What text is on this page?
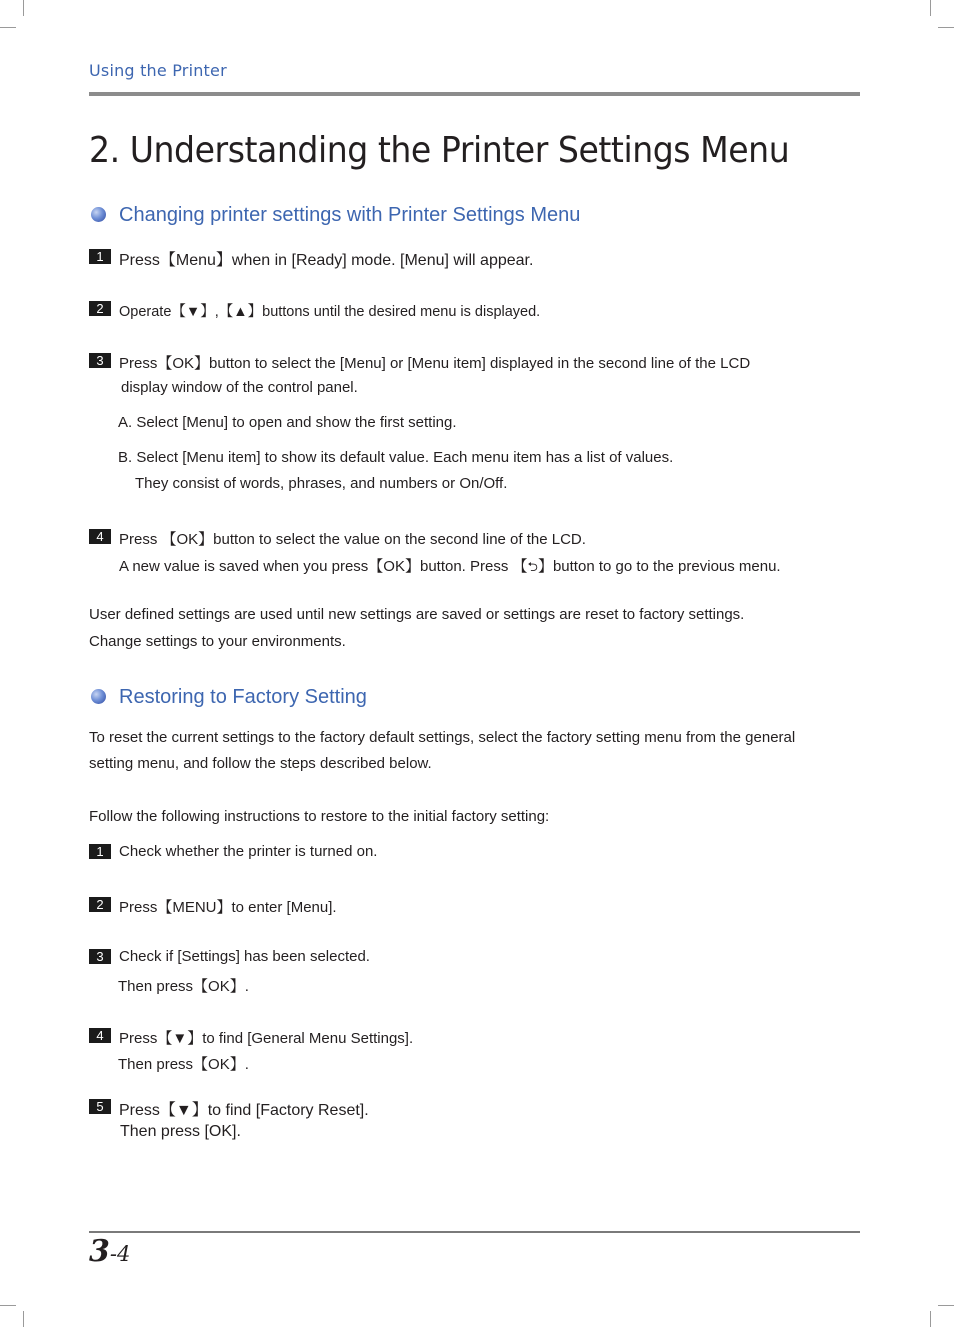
Using the Printer
2. Understanding the Printer Settings Menu
Changing printer settings with Printer Settings Menu
1 Press【Menu】when in [Ready] mode. [Menu] will appear.
2	Operate【▼】,【▲】buttons until the desired menu is displayed.
3	Press【OK】button to select the [Menu] or [Menu item] displayed in the second line of the LCD
display window of the control panel.
A. Select [Menu] to open and show the first setting.
B. Select [Menu item] to show its default value. Each menu item has a list of values.
They consist of words, phrases, and numbers or On/Off.
4	Press 【OK】button to select the value on the second line of the LCD.
A new value is saved when you press【OK】button. Press 【⮌】button to go to the previous menu.
User defined settings are used until new settings are saved or settings are reset to factory settings.
Change settings to your environments.
Restoring to Factory Setting
To reset the current settings to the factory default settings, select the factory setting menu from the general
setting menu, and follow the steps described below.
Follow the following instructions to restore to the initial factory setting:
1	Check whether the printer is turned on.
2	Press【MENU】to enter [Menu].
3	Check if [Settings] has been selected.
Then press【OK】.
4	Press【▼】to find [General Menu Settings].
Then press【OK】.
5 Press【▼】to find [Factory Reset].
Then press [OK].
3-4
